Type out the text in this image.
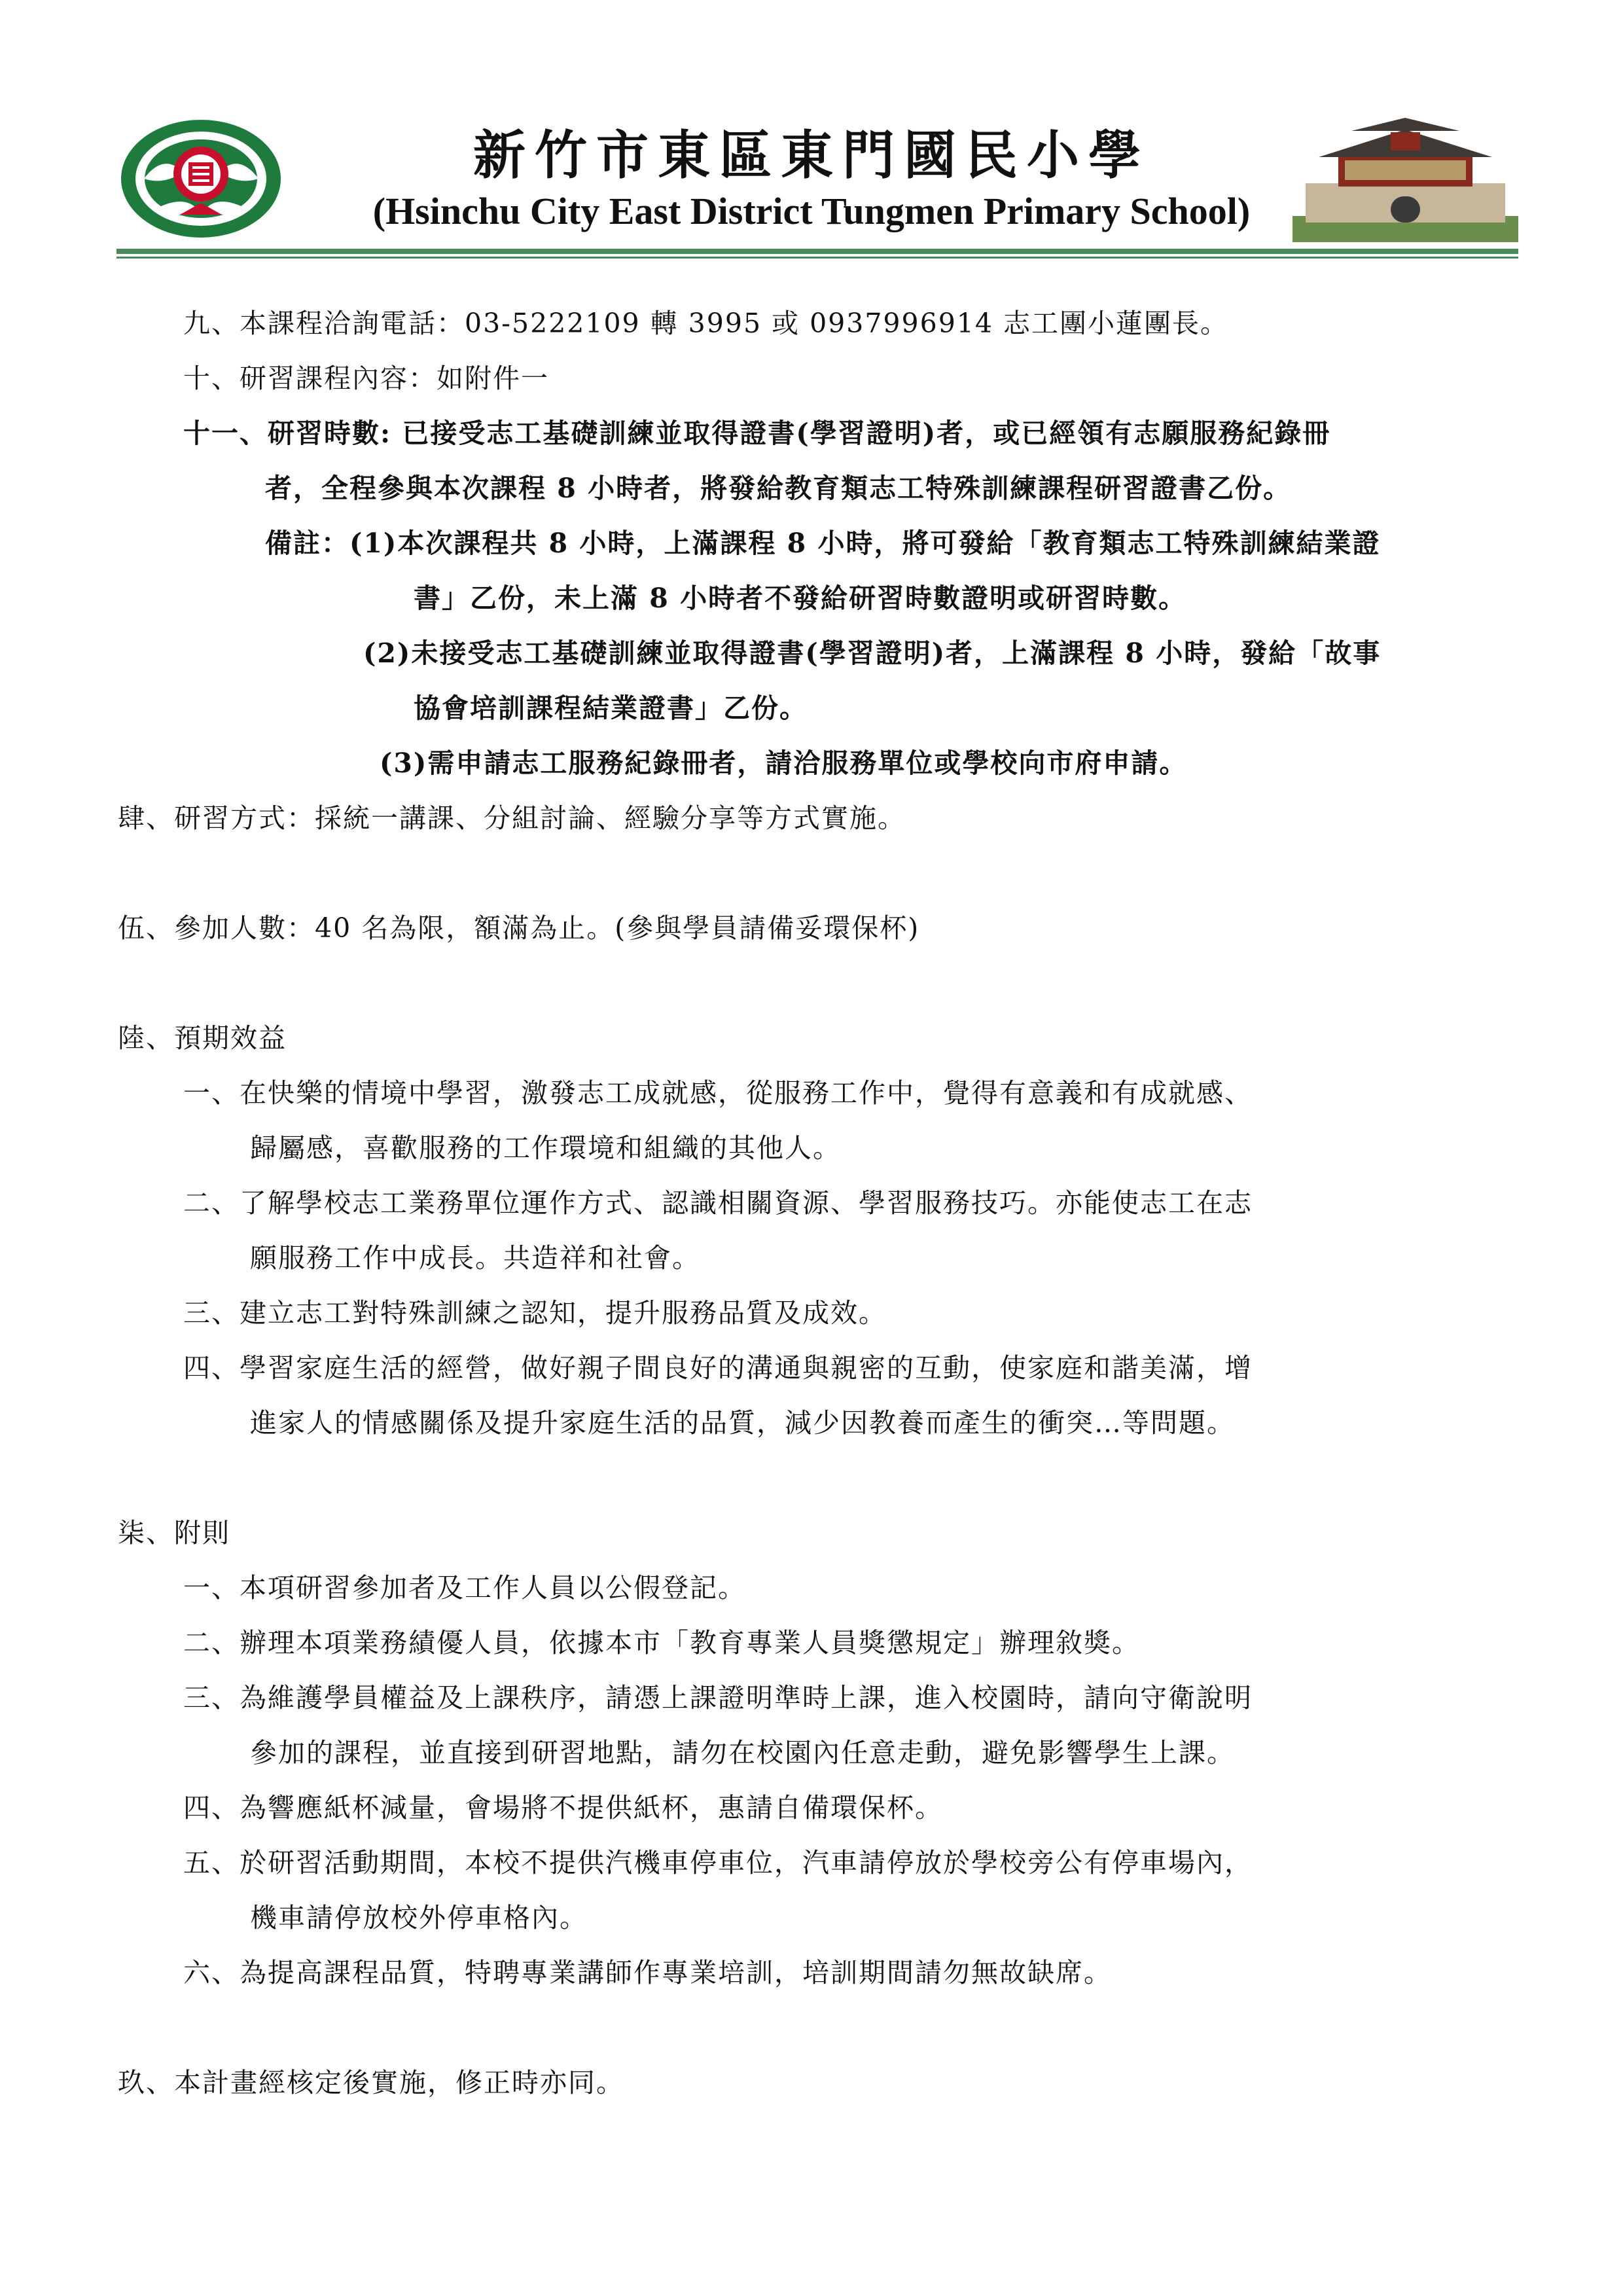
新竹市東區東門國民小學
(Hsinchu City East District Tungmen Primary School)
九、本課程洽詢電話：03-5222109 轉 3995 或 0937996914 志工團小蓮團長。
十、研習課程內容：如附件一
十一、研習時數: 已接受志工基礎訓練並取得證書(學習證明)者，或已經領有志願服務紀錄冊
者，全程參與本次課程 8 小時者，將發給教育類志工特殊訓練課程研習證書乙份。
備註：(1)本次課程共 8 小時，上滿課程 8 小時，將可發給「教育類志工特殊訓練結業證
書」乙份，未上滿 8 小時者不發給研習時數證明或研習時數。
(2)未接受志工基礎訓練並取得證書(學習證明)者，上滿課程 8 小時，發給「故事
協會培訓課程結業證書」乙份。
(3)需申請志工服務紀錄冊者，請洽服務單位或學校向市府申請。
肆、研習方式：採統一講課、分組討論、經驗分享等方式實施。
伍、參加人數：40 名為限，額滿為止。(參與學員請備妥環保杯)
陸、預期效益
一、在快樂的情境中學習，激發志工成就感，從服務工作中，覺得有意義和有成就感、
歸屬感，喜歡服務的工作環境和組織的其他人。
二、了解學校志工業務單位運作方式、認識相關資源、學習服務技巧。亦能使志工在志
願服務工作中成長。共造祥和社會。
三、建立志工對特殊訓練之認知，提升服務品質及成效。
四、學習家庭生活的經營，做好親子間良好的溝通與親密的互動，使家庭和諧美滿，增
進家人的情感關係及提升家庭生活的品質，減少因教養而產生的衝突…等問題。
柒、附則
一、本項研習參加者及工作人員以公假登記。
二、辦理本項業務績優人員，依據本市「教育專業人員獎懲規定」辦理敘獎。
三、為維護學員權益及上課秩序，請憑上課證明準時上課，進入校園時，請向守衛說明
參加的課程，並直接到研習地點，請勿在校園內任意走動，避免影響學生上課。
四、為響應紙杯減量，會場將不提供紙杯，惠請自備環保杯。
五、於研習活動期間，本校不提供汽機車停車位，汽車請停放於學校旁公有停車場內，
機車請停放校外停車格內。
六、為提高課程品質，特聘專業講師作專業培訓，培訓期間請勿無故缺席。
玖、本計畫經核定後實施，修正時亦同。
